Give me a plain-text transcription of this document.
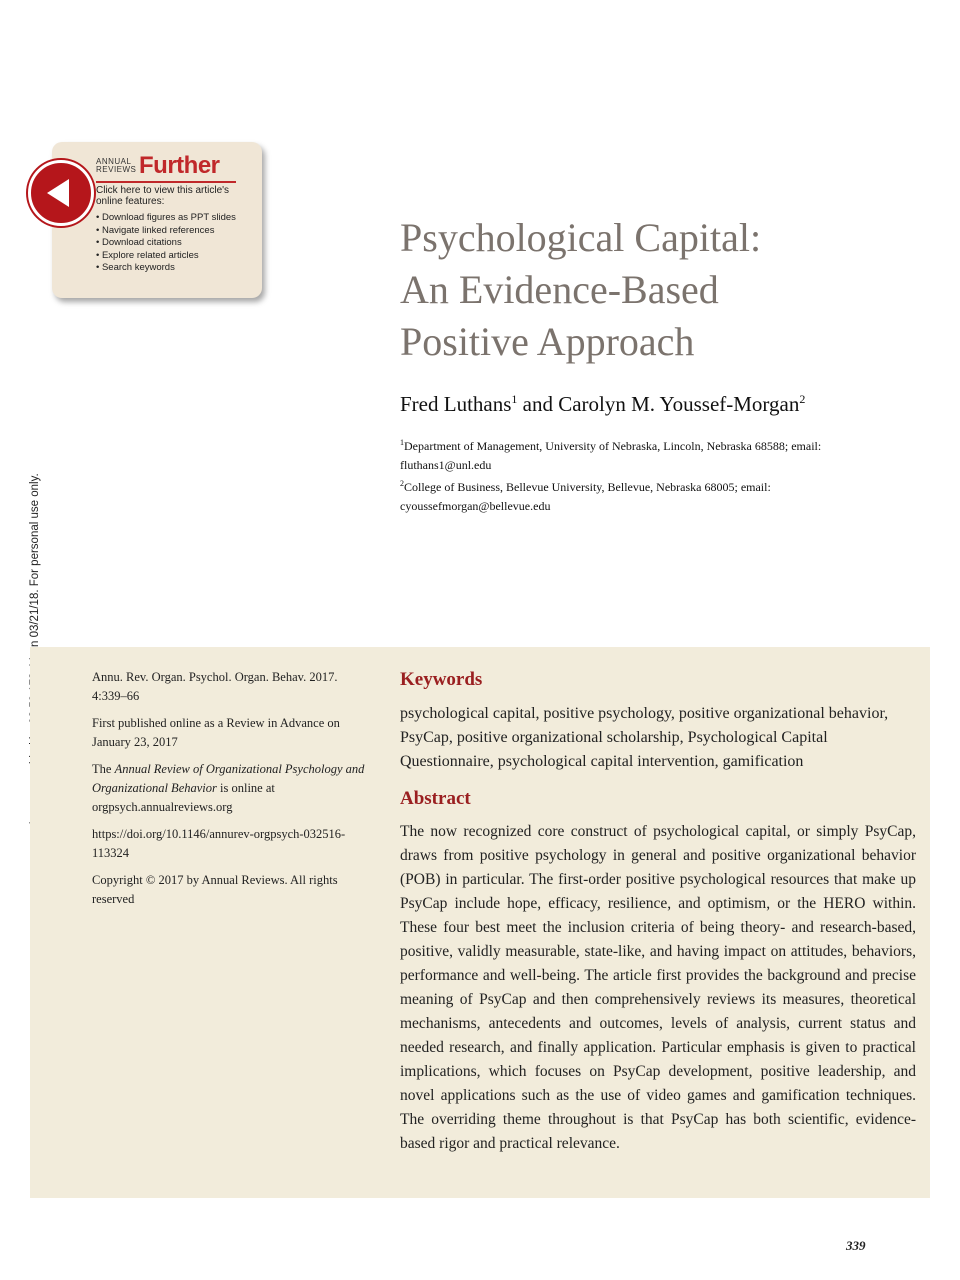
ANNUAL
REVIEWS Further
Click here to view this article's online features:
• Download figures as PPT slides
• Navigate linked references
• Download citations
• Explore related articles
• Search keywords
Psychological Capital:
An Evidence-Based
Positive Approach
Fred Luthans$^1$ and Carolyn M. Youssef-Morgan$^2$
$^1$Department of Management, University of Nebraska, Lincoln, Nebraska 68588; email: fluthans1@unl.edu
$^2$College of Business, Bellevue University, Bellevue, Nebraska 68005; email: cyoussefmorgan@bellevue.edu

Annu. Rev. Organ. Psychol. Organ. Behav. 2017. 4:339–66

First published online as a Review in Advance on January 23, 2017

The Annual Review of Organizational Psychology and Organizational Behavior is online at orgpsych.annualreviews.org

https://doi.org/10.1146/annurev-orgpsych-032516-113324

Copyright © 2017 by Annual Reviews. All rights reserved

Keywords
psychological capital, positive psychology, positive organizational behavior, PsyCap, positive organizational scholarship, Psychological Capital Questionnaire, psychological capital intervention, gamification
Abstract
The now recognized core construct of psychological capital, or simply PsyCap, draws from positive psychology in general and positive organizational behavior (POB) in particular. The first-order positive psychological resources that make up PsyCap include hope, efficacy, resilience, and optimism, or the HERO within. These four best meet the inclusion criteria of being theory- and research-based, positive, validly measurable, state-like, and having impact on attitudes, behaviors, performance and well-being. The article first provides the background and precise meaning of PsyCap and then comprehensively reviews its measures, theoretical mechanisms, antecedents and outcomes, levels of analysis, current status and needed research, and finally application. Particular emphasis is given to practical implications, which focuses on PsyCap development, positive leadership, and novel applications such as the use of video games and gamification techniques. The overriding theme throughout is that PsyCap has both scientific, evidence-based rigor and practical relevance.
339
